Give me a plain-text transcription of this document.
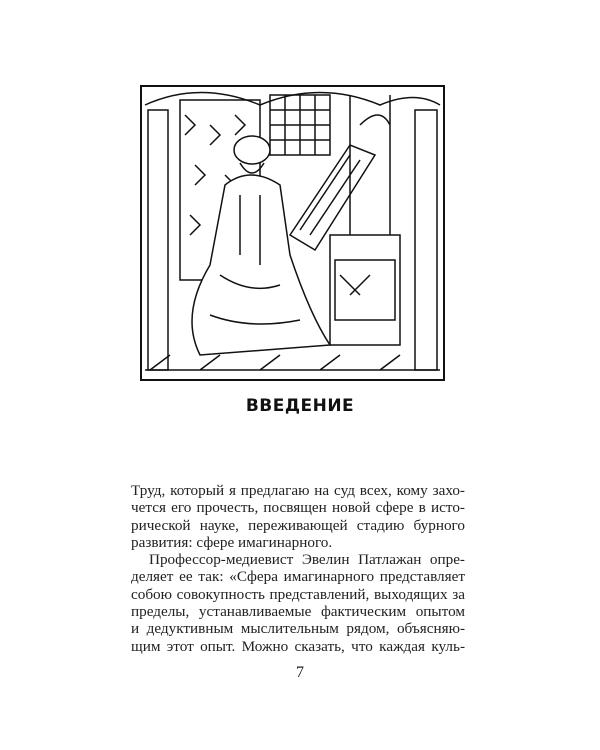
ВВЕДЕНИЕ
Труд, который я предлагаю на суд всех, кому захо-
чется его прочесть, посвящен новой сфере в исто-
рической науке, переживающей стадию бурного
развития: сфере имагинарного.
Профессор-медиевист Эвелин Патлажан опре-
деляет ее так: «Сфера имагинарного представляет
собою совокупность представлений, выходящих за
пределы, устанавливаемые фактическим опытом
и дедуктивным мыслительным рядом, объясняю-
щим этот опыт. Можно сказать, что каждая куль-
7
